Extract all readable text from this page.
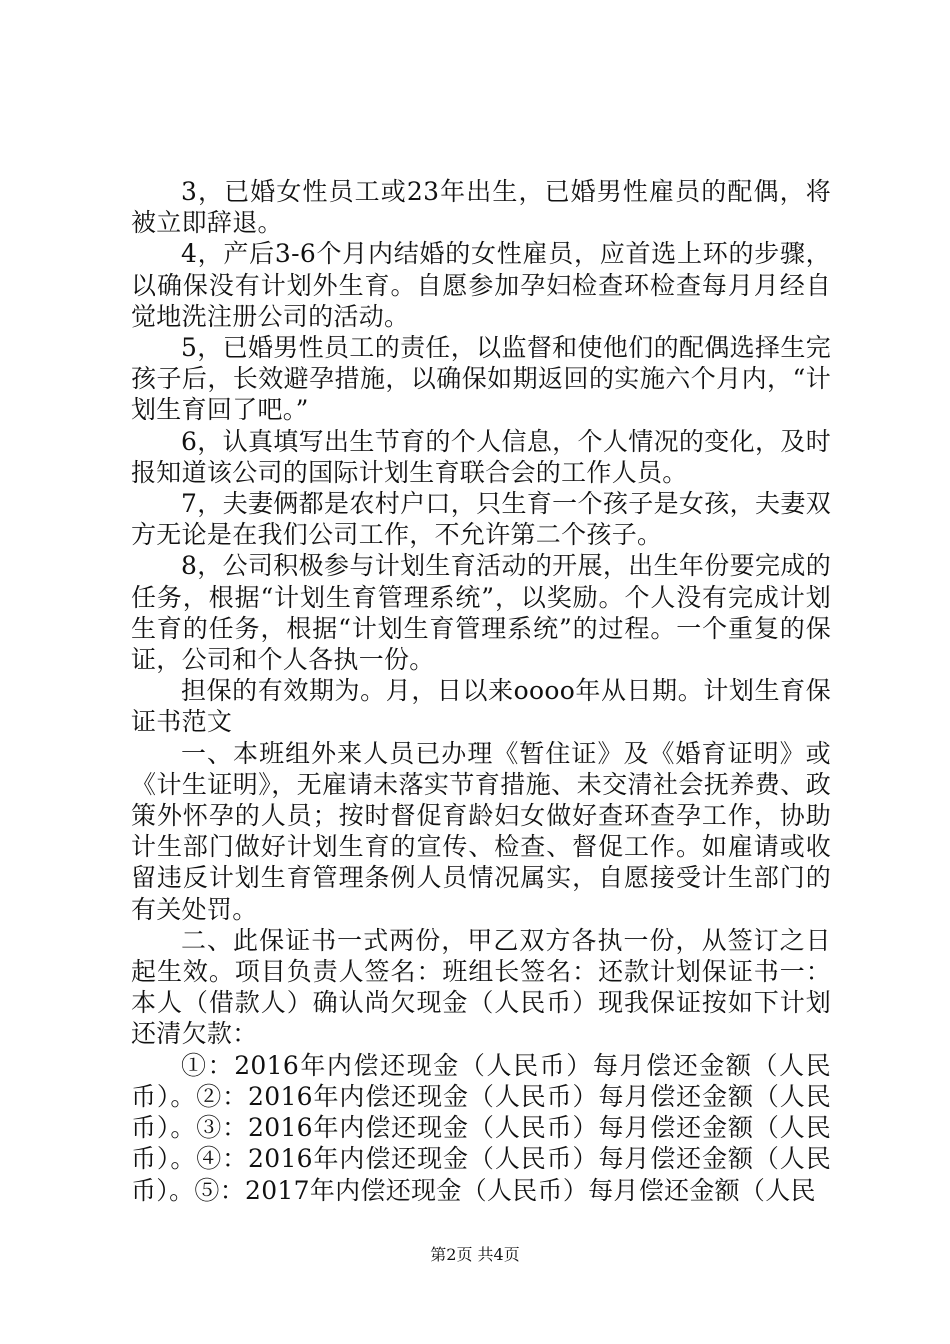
3，已婚女性员工或23年出生，已婚男性雇员的配偶，将被立即辞退。

4，产后3-6个月内结婚的女性雇员，应首选上环的步骤，以确保没有计划外生育。自愿参加孕妇检查环检查每月月经自觉地洗注册公司的活动。

5，已婚男性员工的责任，以监督和使他们的配偶选择生完孩子后，长效避孕措施，以确保如期返回的实施六个月内，“计划生育回了吧。”

6，认真填写出生节育的个人信息，个人情况的变化，及时报知道该公司的国际计划生育联合会的工作人员。

7，夫妻俩都是农村户口，只生育一个孩子是女孩，夫妻双方无论是在我们公司工作，不允许第二个孩子。

8，公司积极参与计划生育活动的开展，出生年份要完成的任务，根据“计划生育管理系统”，以奖励。个人没有完成计划生育的任务，根据“计划生育管理系统”的过程。一个重复的保证，公司和个人各执一份。

担保的有效期为。月，日以来oooo年从日期。计划生育保证书范文

一、本班组外来人员已办理《暂住证》及《婚育证明》或《计生证明》，无雇请未落实节育措施、未交清社会抚养费、政策外怀孕的人员；按时督促育龄妇女做好查环查孕工作，协助计生部门做好计划生育的宣传、检查、督促工作。如雇请或收留违反计划生育管理条例人员情况属实，自愿接受计生部门的有关处罚。

二、此保证书一式两份，甲乙双方各执一份，从签订之日起生效。项目负责人签名：班组长签名：还款计划保证书一：本人（借款人）确认尚欠现金（人民币）现我保证按如下计划还清欠款：

①：2016年内偿还现金（人民币）每月偿还金额（人民币）。②：2016年内偿还现金（人民币）每月偿还金额（人民币）。③：2016年内偿还现金（人民币）每月偿还金额（人民币）。④：2016年内偿还现金（人民币）每月偿还金额（人民币）。⑤：2017年内偿还现金（人民币）每月偿还金额（人民

第2页 共4页
